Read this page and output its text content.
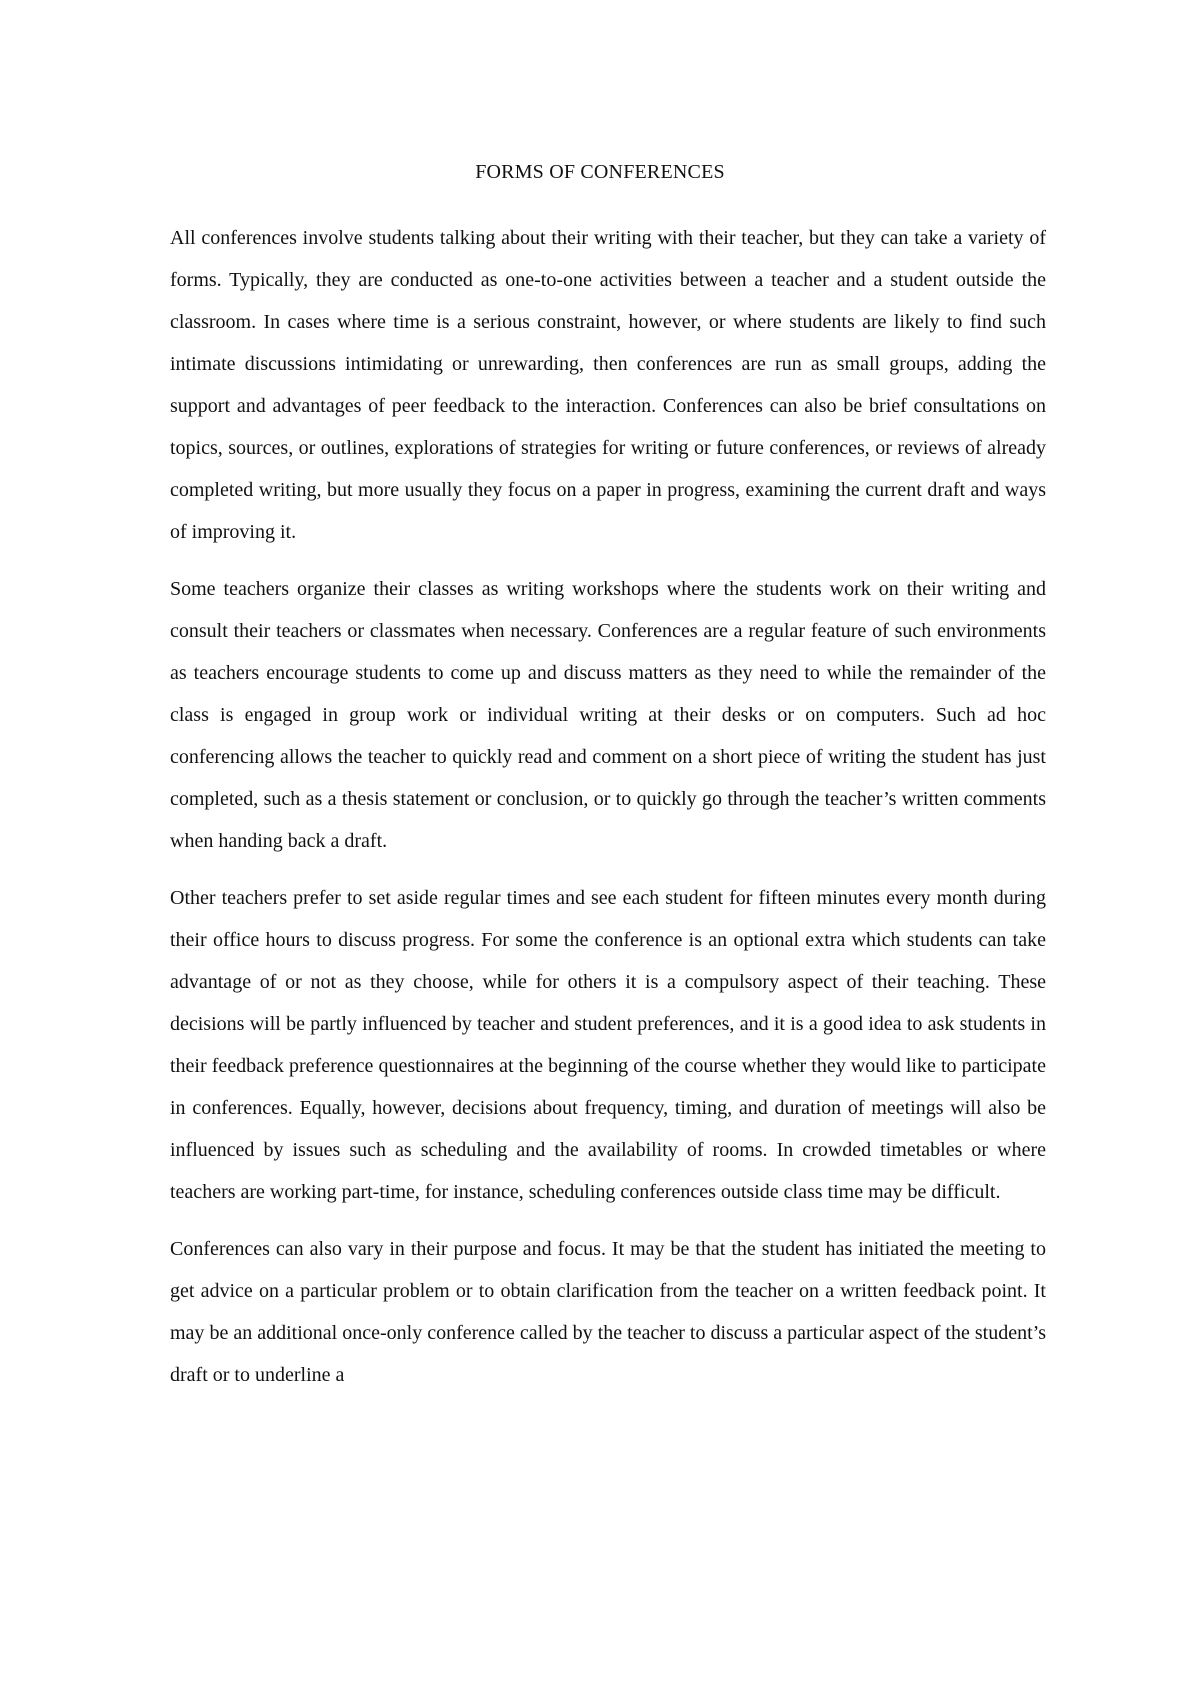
FORMS OF CONFERENCES

All conferences involve students talking about their writing with their teacher, but they can take a variety of forms. Typically, they are conducted as one-to-one activities between a teacher and a student outside the classroom. In cases where time is a serious constraint, however, or where students are likely to find such intimate discussions intimidating or unrewarding, then conferences are run as small groups, adding the support and advantages of peer feedback to the interaction. Conferences can also be brief consultations on topics, sources, or outlines, explorations of strategies for writing or future conferences, or reviews of already completed writing, but more usually they focus on a paper in progress, examining the current draft and ways of improving it.

Some teachers organize their classes as writing workshops where the students work on their writing and consult their teachers or classmates when necessary. Conferences are a regular feature of such environments as teachers encourage students to come up and discuss matters as they need to while the remainder of the class is engaged in group work or individual writing at their desks or on computers. Such ad hoc conferencing allows the teacher to quickly read and comment on a short piece of writing the student has just completed, such as a thesis statement or conclusion, or to quickly go through the teacher’s written comments when handing back a draft.

Other teachers prefer to set aside regular times and see each student for fifteen minutes every month during their office hours to discuss progress. For some the conference is an optional extra which students can take advantage of or not as they choose, while for others it is a compulsory aspect of their teaching. These decisions will be partly influenced by teacher and student preferences, and it is a good idea to ask students in their feedback preference questionnaires at the beginning of the course whether they would like to participate in conferences. Equally, however, decisions about frequency, timing, and duration of meetings will also be influenced by issues such as scheduling and the availability of rooms. In crowded timetables or where teachers are working part-time, for instance, scheduling conferences outside class time may be difficult.

Conferences can also vary in their purpose and focus. It may be that the student has initiated the meeting to get advice on a particular problem or to obtain clarification from the teacher on a written feedback point. It may be an additional once-only conference called by the teacher to discuss a particular aspect of the student’s draft or to underline a
